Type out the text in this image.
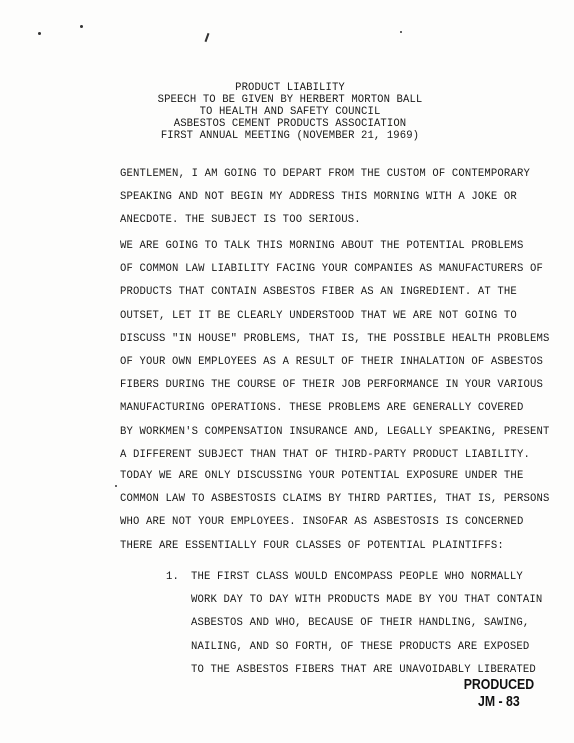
PRODUCT LIABILITY
SPEECH TO BE GIVEN BY HERBERT MORTON BALL
TO HEALTH AND SAFETY COUNCIL
ASBESTOS CEMENT PRODUCTS ASSOCIATION
FIRST ANNUAL MEETING (NOVEMBER 21, 1969)
GENTLEMEN, I AM GOING TO DEPART FROM THE CUSTOM OF CONTEMPORARY
SPEAKING AND NOT BEGIN MY ADDRESS THIS MORNING WITH A JOKE OR
ANECDOTE. THE SUBJECT IS TOO SERIOUS.
WE ARE GOING TO TALK THIS MORNING ABOUT THE POTENTIAL PROBLEMS
OF COMMON LAW LIABILITY FACING YOUR COMPANIES AS MANUFACTURERS OF
PRODUCTS THAT CONTAIN ASBESTOS FIBER AS AN INGREDIENT. AT THE
OUTSET, LET IT BE CLEARLY UNDERSTOOD THAT WE ARE NOT GOING TO
DISCUSS "IN HOUSE" PROBLEMS, THAT IS, THE POSSIBLE HEALTH PROBLEMS
OF YOUR OWN EMPLOYEES AS A RESULT OF THEIR INHALATION OF ASBESTOS
FIBERS DURING THE COURSE OF THEIR JOB PERFORMANCE IN YOUR VARIOUS
MANUFACTURING OPERATIONS. THESE PROBLEMS ARE GENERALLY COVERED
BY WORKMEN'S COMPENSATION INSURANCE AND, LEGALLY SPEAKING, PRESENT
A DIFFERENT SUBJECT THAN THAT OF THIRD-PARTY PRODUCT LIABILITY.
TODAY WE ARE ONLY DISCUSSING YOUR POTENTIAL EXPOSURE UNDER THE
COMMON LAW TO ASBESTOSIS CLAIMS BY THIRD PARTIES, THAT IS, PERSONS
WHO ARE NOT YOUR EMPLOYEES. INSOFAR AS ASBESTOSIS IS CONCERNED
THERE ARE ESSENTIALLY FOUR CLASSES OF POTENTIAL PLAINTIFFS:
1. THE FIRST CLASS WOULD ENCOMPASS PEOPLE WHO NORMALLY
WORK DAY TO DAY WITH PRODUCTS MADE BY YOU THAT CONTAIN
ASBESTOS AND WHO, BECAUSE OF THEIR HANDLING, SAWING,
NAILING, AND SO FORTH, OF THESE PRODUCTS ARE EXPOSED
TO THE ASBESTOS FIBERS THAT ARE UNAVOIDABLY LIBERATED
PRODUCED
JM - 83
